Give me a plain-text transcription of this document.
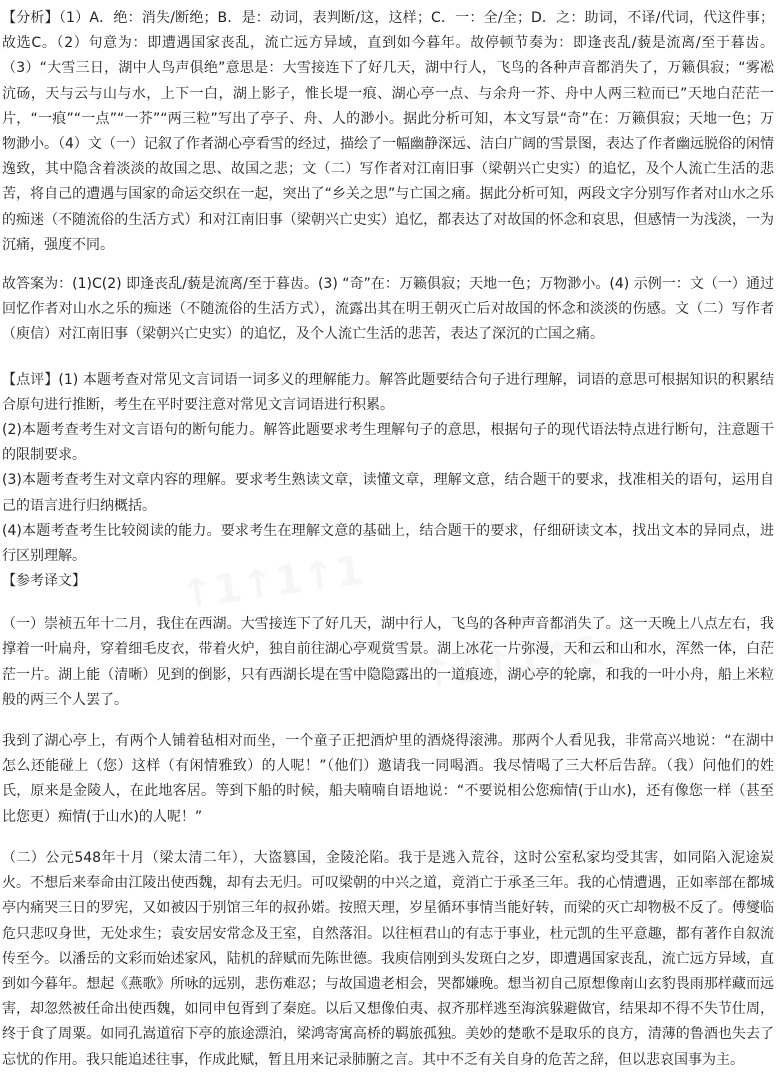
【分析】（1）A．绝：消失/断绝；B．是：动词，表判断/这，这样；C．一：全/全；D．之：助词，不译/代词，代这件事；故选C。（2）句意为：即遭遇国家丧乱，流亡远方异域，直到如今暮年。故停顿节奏为：即逢丧乱/藐是流离/至于暮齿。（3）“大雪三日，湖中人鸟声俱绝”意思是：大雪接连下了好几天，湖中行人，飞鸟的各种声音都消失了，万籁俱寂；“雾凇沆砀，天与云与山与水，上下一白，湖上影子，惟长堤一痕、湖心亭一点、与余舟一芥、舟中人两三粒而已”天地白茫茫一片，“一痕”“一点”“一芥”“两三粒”写出了亭子、舟、人的渺小。据此分析可知，本文写景“奇”在：万籁俱寂；天地一色；万物渺小。（4）文（一）记叙了作者湖心亭看雪的经过，描绘了一幅幽静深远、洁白广阔的雪景图，表达了作者幽远脱俗的闲情逸致，其中隐含着淡淡的故国之思、故国之悲；文（二）写作者对江南旧事（梁朝兴亡史实）的追忆，及个人流亡生活的悲苦，将自己的遭遇与国家的命运交织在一起，突出了“乡关之思”与亡国之痛。据此分析可知，两段文字分别写作者对山水之乐的痴迷（不随流俗的生活方式）和对江南旧事（梁朝兴亡史实）追忆，都表达了对故国的怀念和哀思，但感情一为浅淡，一为沉痛，强度不同。

故答案为：(1)C(2) 即逢丧乱/藐是流离/至于暮齿。(3) “奇”在：万籁俱寂；天地一色；万物渺小。(4) 示例一：文（一）通过回忆作者对山水之乐的痴迷（不随流俗的生活方式），流露出其在明王朝灭亡后对故国的怀念和淡淡的伤感。文（二）写作者（庾信）对江南旧事（梁朝兴亡史实）的追忆，及个人流亡生活的悲苦，表达了深沉的亡国之痛。

【点评】(1) 本题考查对常见文言词语一词多义的理解能力。解答此题要结合句子进行理解，词语的意思可根据知识的积累结合原句进行推断，考生在平时要注意对常见文言词语进行积累。

(2)本题考查考生对文言语句的断句能力。解答此题要求考生理解句子的意思，根据句子的现代语法特点进行断句，注意题干的限制要求。

(3)本题考查考生对文章内容的理解。要求考生熟读文章，读懂文章，理解文意，结合题干的要求，找准相关的语句，运用自己的语言进行归纳概括。

(4)本题考查考生比较阅读的能力。要求考生在理解文意的基础上，结合题干的要求，仔细研读文本，找出文本的异同点，进行区别理解。

【参考译文】

（一）崇祯五年十二月，我住在西湖。大雪接连下了好几天，湖中行人，飞鸟的各种声音都消失了。这一天晚上八点左右，我撑着一叶扁舟，穿着细毛皮衣，带着火炉，独自前往湖心亭观赏雪景。湖上冰花一片弥漫，天和云和山和水，浑然一体，白茫茫一片。湖上能（清晰）见到的倒影，只有西湖长堤在雪中隐隐露出的一道痕迹，湖心亭的轮廓，和我的一叶小舟，船上米粒般的两三个人罢了。

我到了湖心亭上，有两个人铺着毡相对而坐，一个童子正把酒炉里的酒烧得滚沸。那两个人看见我，非常高兴地说：“在湖中怎么还能碰上（您）这样（有闲情雅致）的人呢！”（他们）邀请我一同喝酒。我尽情喝了三大杯后告辞。（我）问他们的姓氏，原来是金陵人，在此地客居。等到下船的时候，船夫喃喃自语地说：“不要说相公您痴情(于山水)，还有像您一样（甚至比您更）痴情(于山水)的人呢！”

（二）公元548年十月（梁太清二年），大盗篡国，金陵沦陷。我于是逃入荒谷，这时公室私家均受其害，如同陷入泥途炭火。不想后来奉命由江陵出使西魏，却有去无归。可叹梁朝的中兴之道，竟消亡于承圣三年。我的心情遭遇，正如率部在都城亭内痛哭三日的罗宪，又如被囚于别馆三年的叔孙婼。按照天理，岁星循环事情当能好转，而梁的灭亡却物极不反了。傅燮临危只悲叹身世，无处求生；袁安居安常念及王室，自然落泪。以往桓君山的有志于事业，杜元凯的生平意趣，都有著作自叙流传至今。以潘岳的文彩而始述家风，陆机的辞赋而先陈世德。我庾信刚到头发斑白之岁，即遭遇国家丧乱，流亡远方异域，直到如今暮年。想起《燕歌》所咏的远别，悲伤难忍；与故国遗老相会，哭都嫌晚。想当初自己原想像南山玄豹畏雨那样藏而远害，却忽然被任命出使西魏，如同申包胥到了秦庭。以后又想像伯夷、叔齐那样逃至海滨躲避做官，结果却不得不失节仕周，终于食了周粟。如同孔嵩道宿下亭的旅途漂泊，梁鸿寄寓高桥的羁旅孤独。美妙的楚歌不是取乐的良方，清薄的鲁酒也失去了忘忧的作用。我只能追述往事，作成此赋，暂且用来记录肺腑之言。其中不乏有关自身的危苦之辞，但以悲哀国事为主。
